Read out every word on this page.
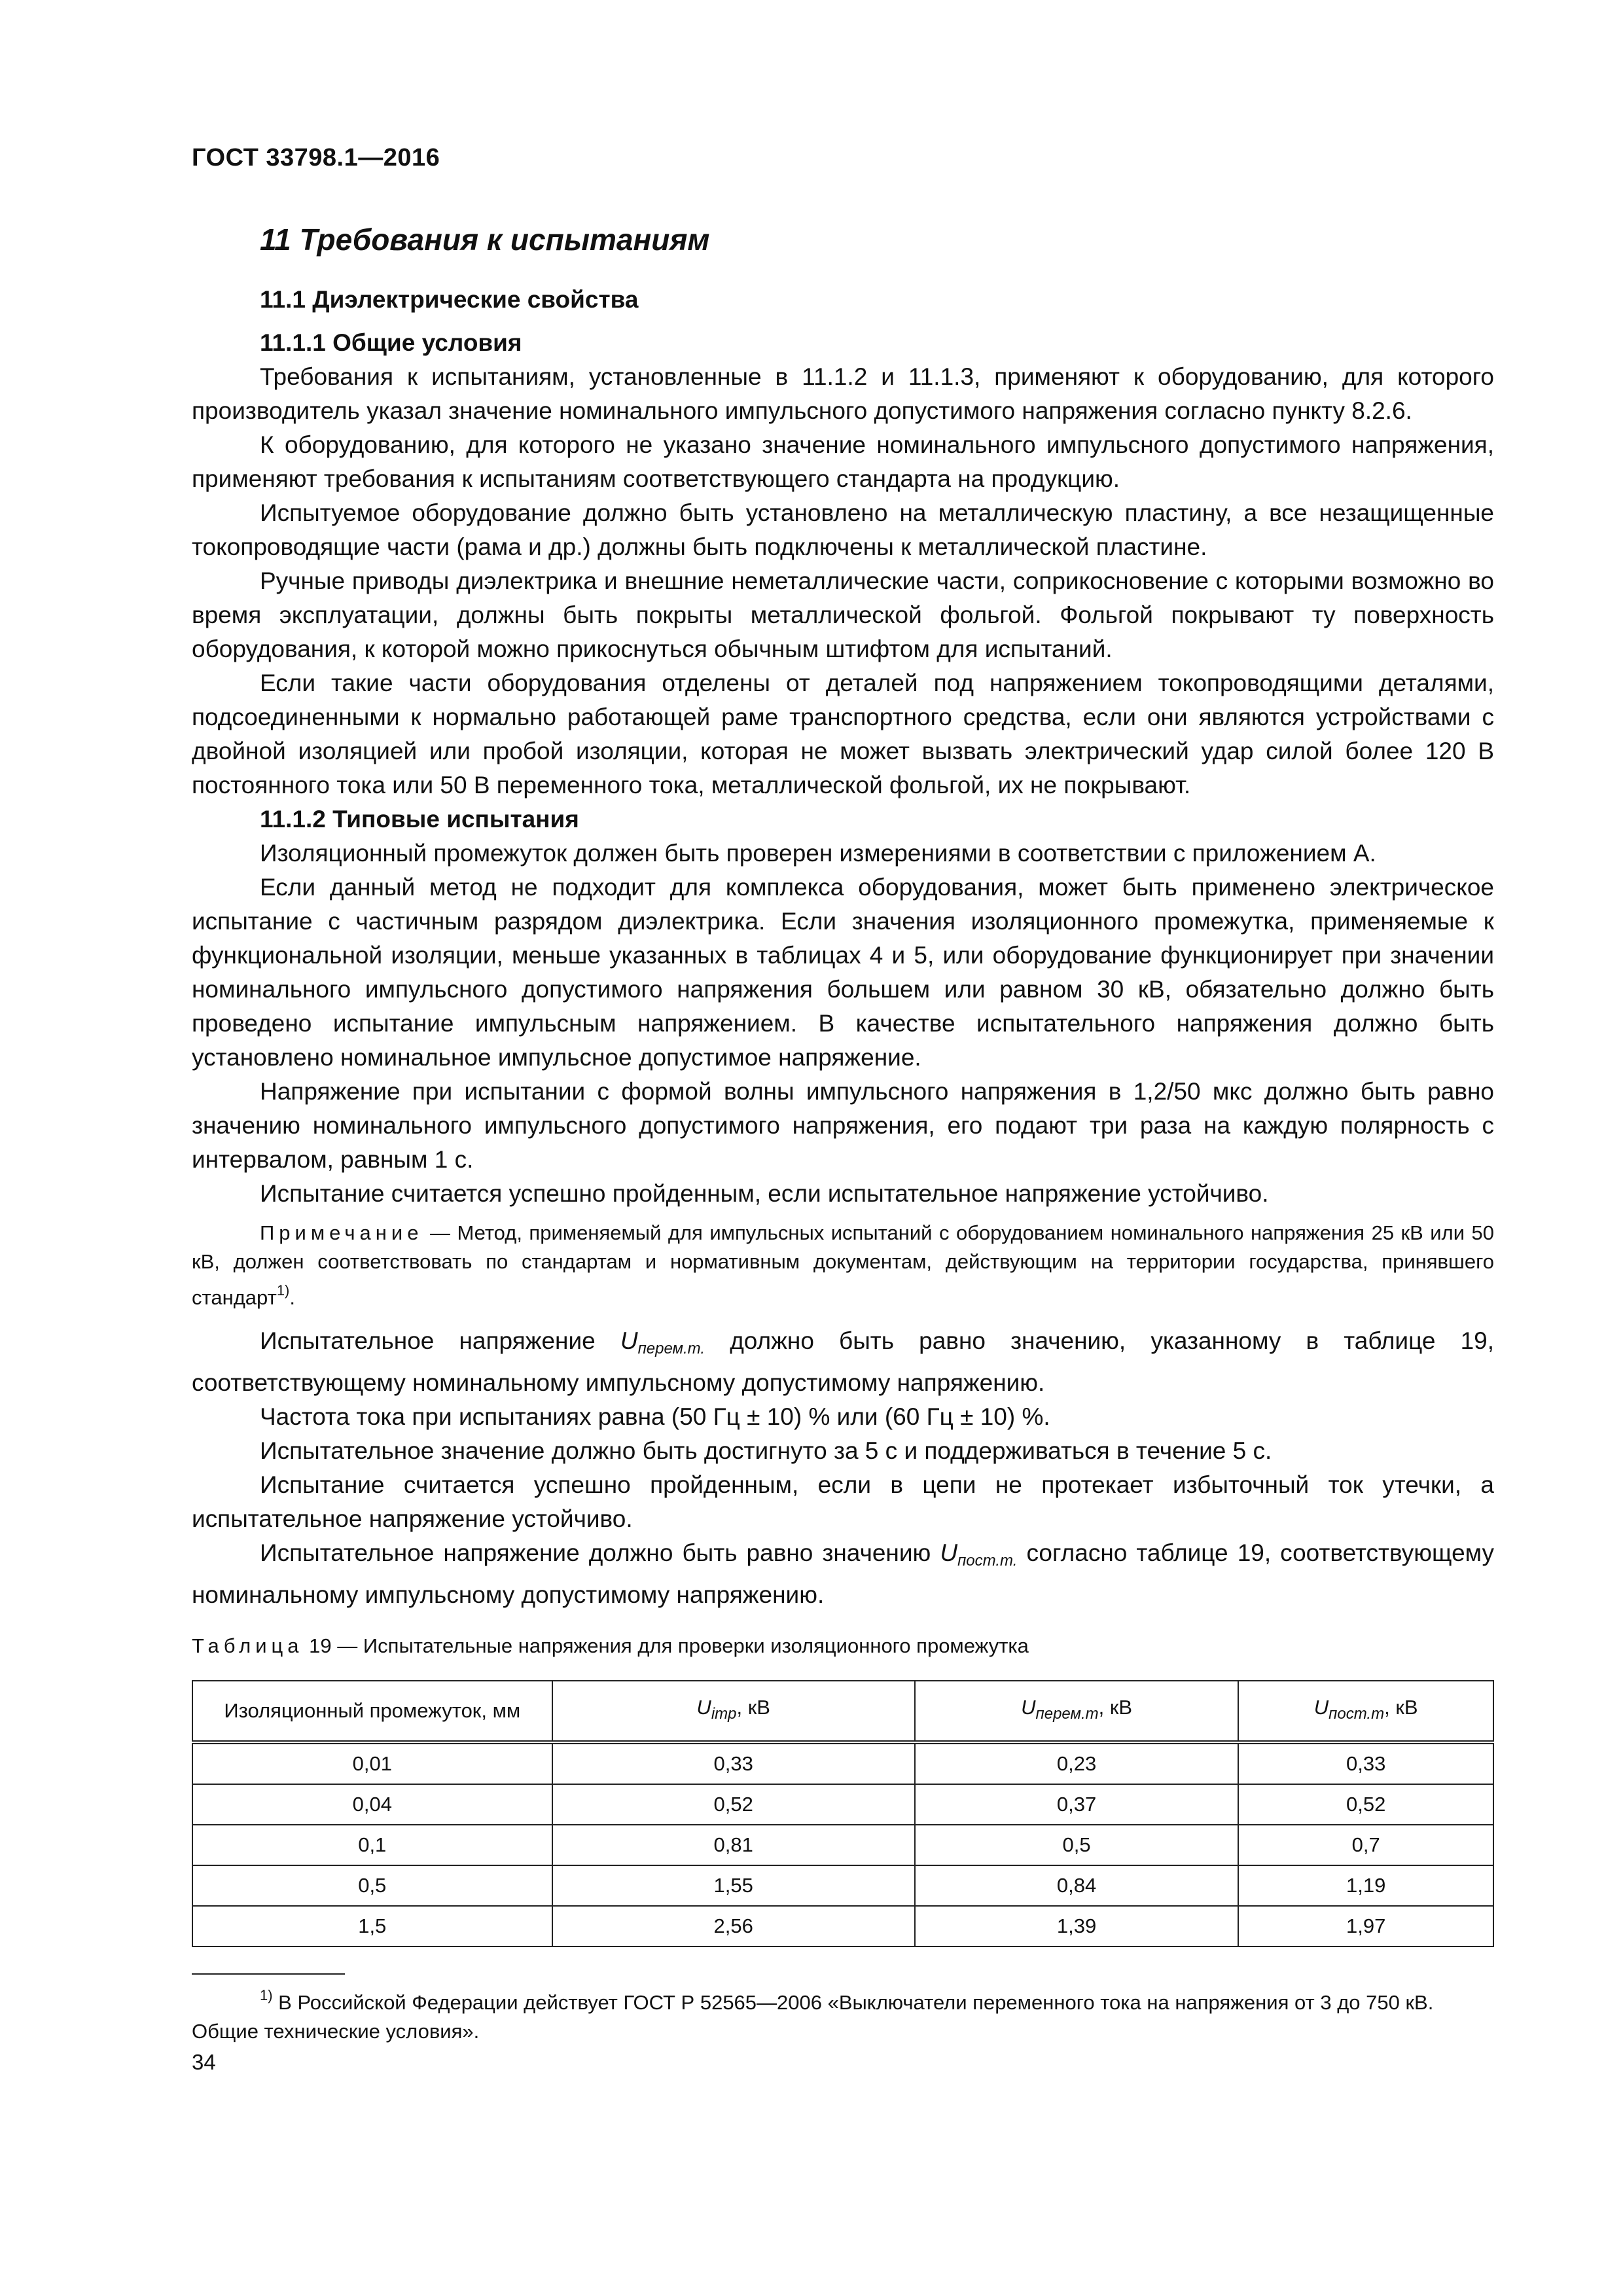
ГОСТ 33798.1—2016
11 Требования к испытаниям
11.1 Диэлектрические свойства
11.1.1 Общие условия

Требования к испытаниям, установленные в 11.1.2 и 11.1.3, применяют к оборудованию, для которого производитель указал значение номинального импульсного допустимого напряжения согласно пункту 8.2.6.

К оборудованию, для которого не указано значение номинального импульсного допустимого напряжения, применяют требования к испытаниям соответствующего стандарта на продукцию.

Испытуемое оборудование должно быть установлено на металлическую пластину, а все незащищенные токопроводящие части (рама и др.) должны быть подключены к металлической пластине.

Ручные приводы диэлектрика и внешние неметаллические части, соприкосновение с которыми возможно во время эксплуатации, должны быть покрыты металлической фольгой. Фольгой покрывают ту поверхность оборудования, к которой можно прикоснуться обычным штифтом для испытаний.

Если такие части оборудования отделены от деталей под напряжением токопроводящими деталями, подсоединенными к нормально работающей раме транспортного средства, если они являются устройствами с двойной изоляцией или пробой изоляции, которая не может вызвать электрический удар силой более 120 В постоянного тока или 50 В переменного тока, металлической фольгой, их не покрывают.

11.1.2 Типовые испытания

Изоляционный промежуток должен быть проверен измерениями в соответствии с приложением А.

Если данный метод не подходит для комплекса оборудования, может быть применено электрическое испытание с частичным разрядом диэлектрика. Если значения изоляционного промежутка, применяемые к функциональной изоляции, меньше указанных в таблицах 4 и 5, или оборудование функционирует при значении номинального импульсного допустимого напряжения большем или равном 30 кВ, обязательно должно быть проведено испытание импульсным напряжением. В качестве испытательного напряжения должно быть установлено номинальное импульсное допустимое напряжение.

Напряжение при испытании с формой волны импульсного напряжения в 1,2/50 мкс должно быть равно значению номинального импульсного допустимого напряжения, его подают три раза на каждую полярность с интервалом, равным 1 с.

Испытание считается успешно пройденным, если испытательное напряжение устойчиво.

Примечание — Метод, применяемый для импульсных испытаний с оборудованием номинального напряжения 25 кВ или 50 кВ, должен соответствовать по стандартам и нормативным документам, действующим на территории государства, принявшего стандарт$^{1)}$.

Испытательное напряжение $U_{перем.т.}$ должно быть равно значению, указанному в таблице 19, соответствующему номинальному импульсному допустимому напряжению.

Частота тока при испытаниях равна (50 Гц ± 10) % или (60 Гц ± 10) %.

Испытательное значение должно быть достигнуто за 5 с и поддерживаться в течение 5 с.

Испытание считается успешно пройденным, если в цепи не протекает избыточный ток утечки, а испытательное напряжение устойчиво.

Испытательное напряжение должно быть равно значению $U_{пост.т.}$ согласно таблице 19, соответствующему номинальному импульсному допустимому напряжению.

Таблица 19 — Испытательные напряжения для проверки изоляционного промежутка
Изоляционный промежуток, мм	$U_{imp}$, кВ	$U_{перем.т}$, кВ	$U_{пост.т}$, кВ
0,01	0,33	0,23	0,33
0,04	0,52	0,37	0,52
0,1	0,81	0,5	0,7
0,5	1,55	0,84	1,19
1,5	2,56	1,39	1,97

$^{1)}$ В Российской Федерации действует ГОСТ Р 52565—2006 «Выключатели переменного тока на напряжения от 3 до 750 кВ. Общие технические условия».

34
